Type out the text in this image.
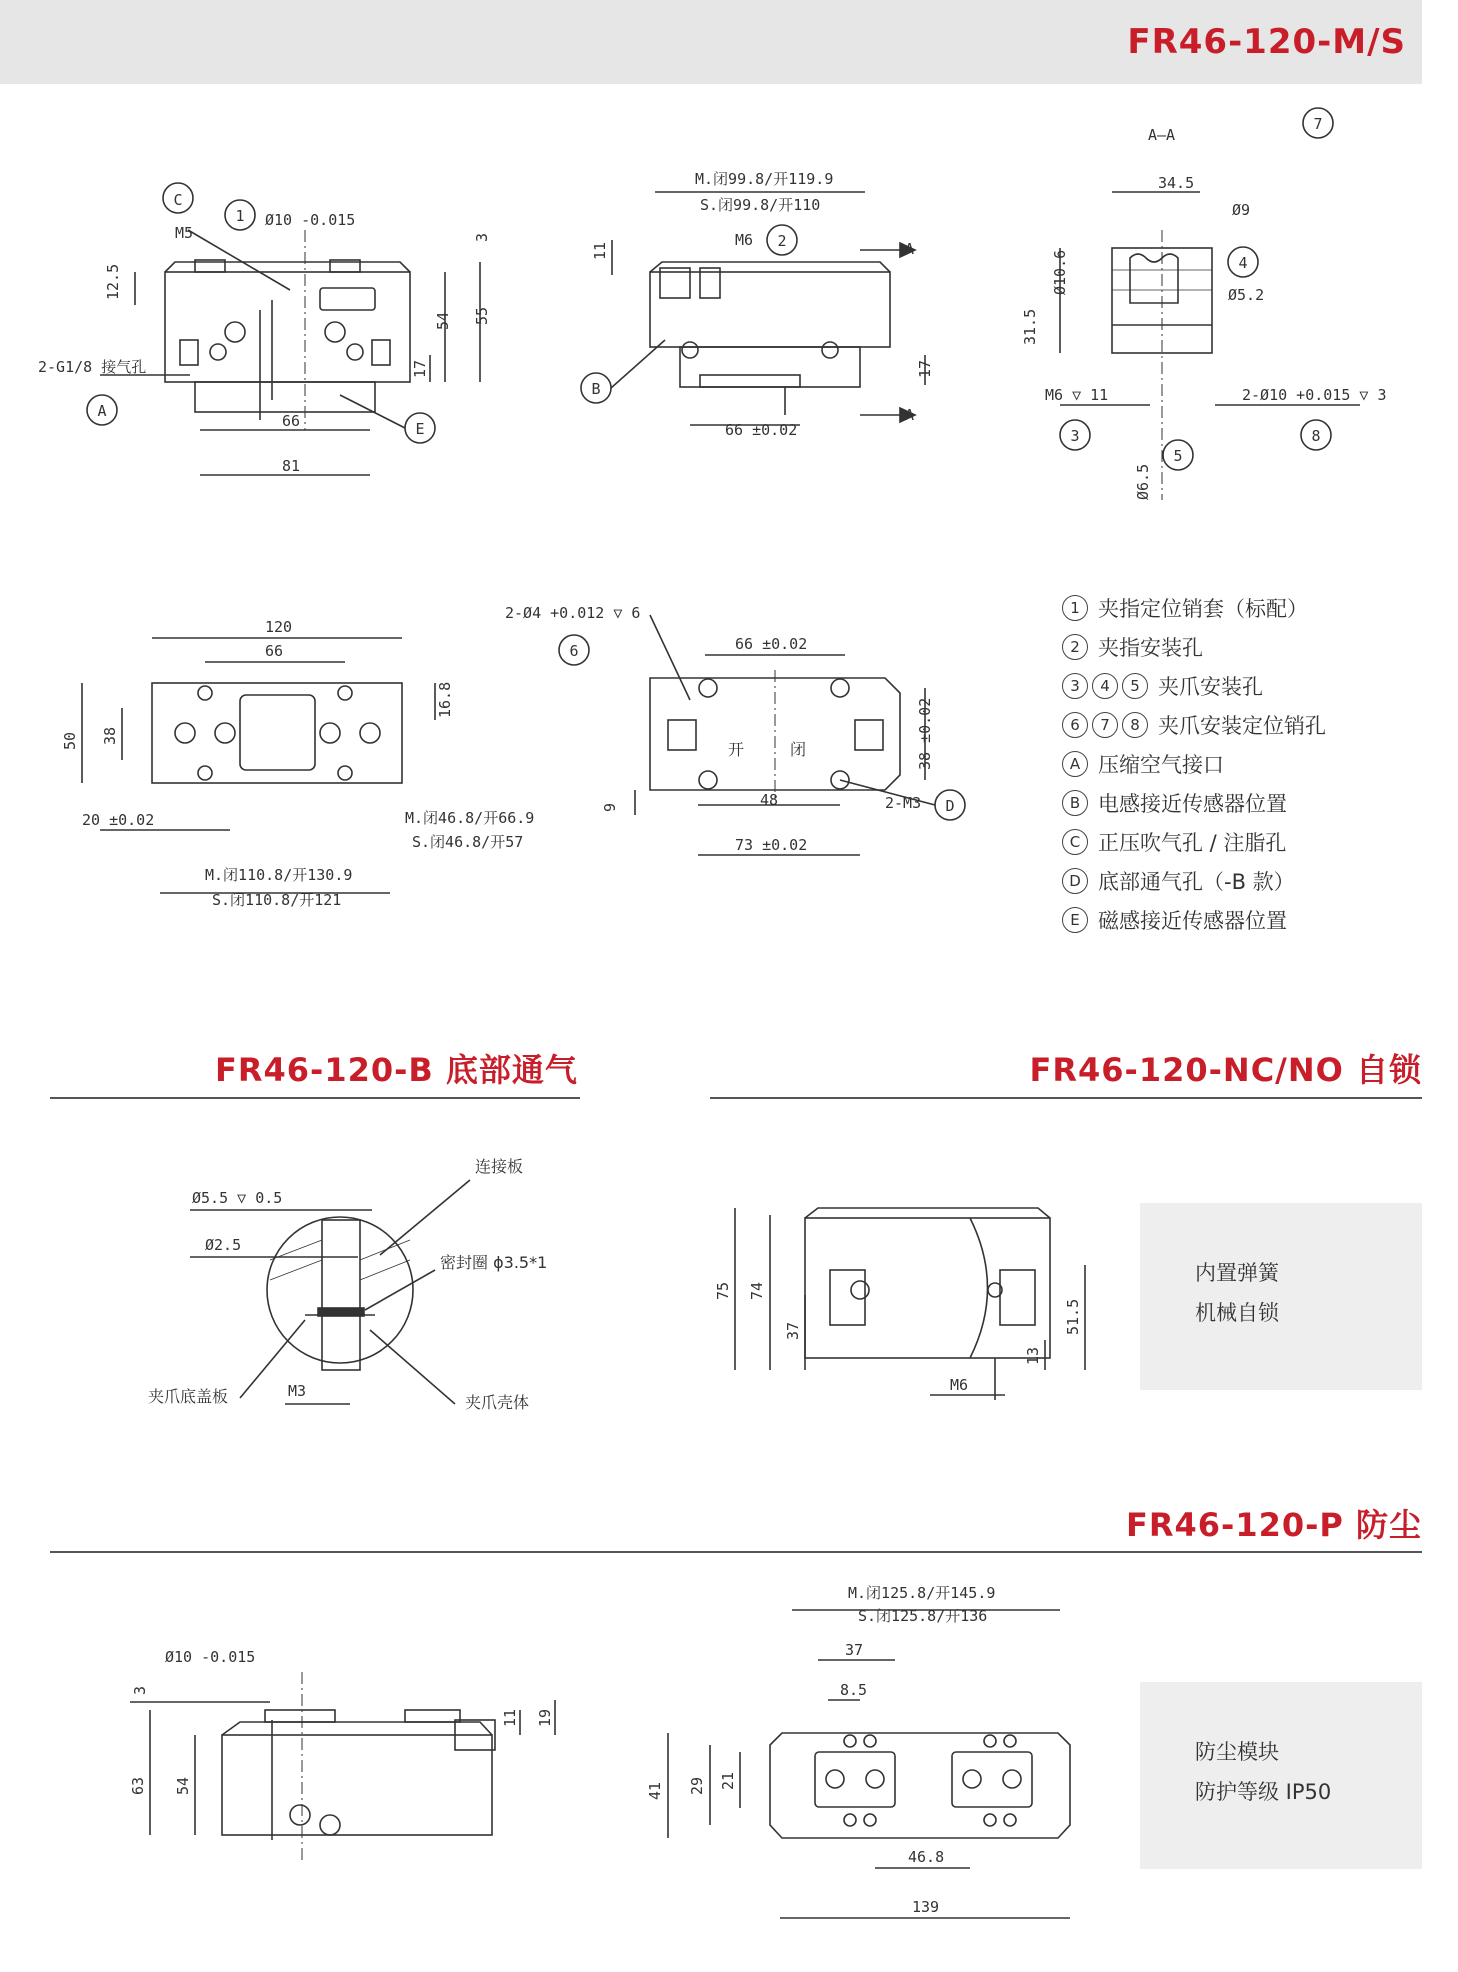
FR46-120-M/S
FR46-120-B 底部通气	FR46-120-NC/NO 自锁
FR46-120-P 防尘
1 夹指定位销套（标配）
2 夹指安装孔
3	4	5 夹爪安装孔
6	7	8 夹爪安装定位销孔
A 压缩空气接口
B 电感接近传感器位置
C 正压吹气孔 / 注脂孔
D 底部通气孔（-B 款）
E 磁感接近传感器位置
内置弹簧
机械自锁
防尘模块
防护等级 IP50
C
A
1
E
M5
2-G1/8 接气孔
Ø10 -0.015
66
81
12.5
54 55
17
3	2
B
M.闭99.8/开119.9
S.闭99.8/开110
M6
66 ±0.02
11
17
A
A
7
4
3
5
8
A—A
34.5
Ø9
Ø10.6	Ø5.2
31.5
M6 ▽ 11	2-Ø10 +0.015 ▽ 3
Ø6.5
120
66
16.8
50 38
20 ±0.02	M.闭46.8/开66.9
S.闭46.8/开57
M.闭110.8/开130.9
S.闭110.8/开121
6
D
2-Ø4 +0.012 ▽ 6
66 ±0.02
38 ±0.02
9	48
73 ±0.02
2-M3
开	闭
Ø5.5 ▽ 0.5
Ø2.5
连接板
密封圈 ϕ3.5*1
夹爪底盖板	M3
夹爪壳体
75 74
37	51.5
13
M6
Ø10 -0.015
3
63 54
11 19
M.闭125.8/开145.9
S.闭125.8/开136
37
8.5
41 29 21
46.8
139
